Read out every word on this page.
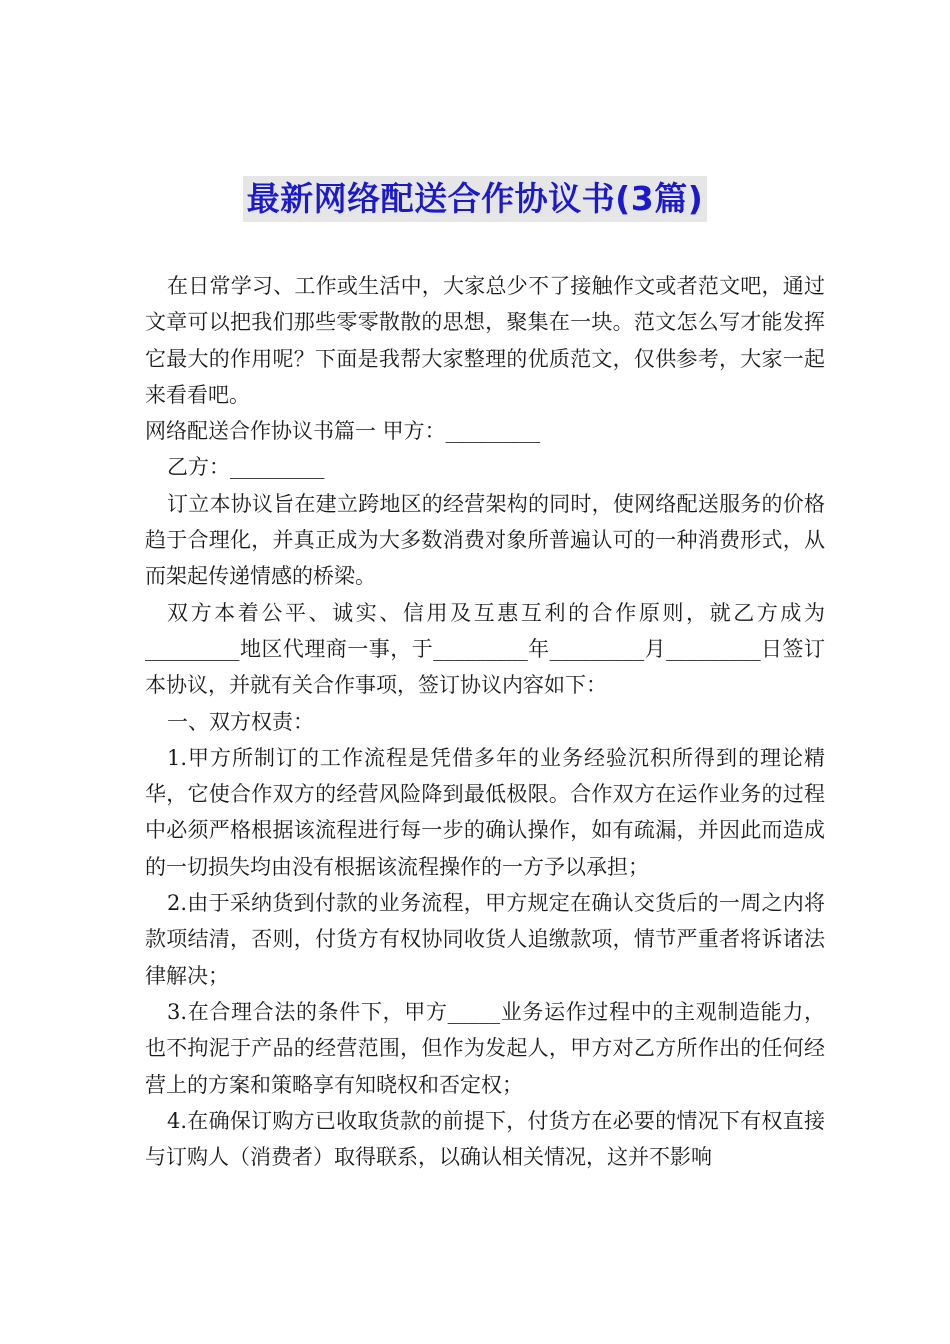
最新网络配送合作协议书(3篇)

在日常学习、工作或生活中，大家总少不了接触作文或者范文吧，通过文章可以把我们那些零零散散的思想，聚集在一块。范文怎么写才能发挥它最大的作用呢？下面是我帮大家整理的优质范文，仅供参考，大家一起来看看吧。

网络配送合作协议书篇一 甲方：_________

乙方：_________

订立本协议旨在建立跨地区的经营架构的同时，使网络配送服务的价格趋于合理化，并真正成为大多数消费对象所普遍认可的一种消费形式，从而架起传递情感的桥梁。

双方本着公平、诚实、信用及互惠互利的合作原则，就乙方成为_________地区代理商一事，于_________年_________月_________日签订本协议，并就有关合作事项，签订协议内容如下：

一、双方权责：

1.甲方所制订的工作流程是凭借多年的业务经验沉积所得到的理论精华，它使合作双方的经营风险降到最低极限。合作双方在运作业务的过程中必须严格根据该流程进行每一步的确认操作，如有疏漏，并因此而造成的一切损失均由没有根据该流程操作的一方予以承担；

2.由于采纳货到付款的业务流程，甲方规定在确认交货后的一周之内将款项结清，否则，付货方有权协同收货人追缴款项，情节严重者将诉诸法律解决；

3.在合理合法的条件下，甲方_____业务运作过程中的主观制造能力，也不拘泥于产品的经营范围，但作为发起人，甲方对乙方所作出的任何经营上的方案和策略享有知晓权和否定权；

4.在确保订购方已收取货款的前提下，付货方在必要的情况下有权直接与订购人（消费者）取得联系，以确认相关情况，这并不影响
